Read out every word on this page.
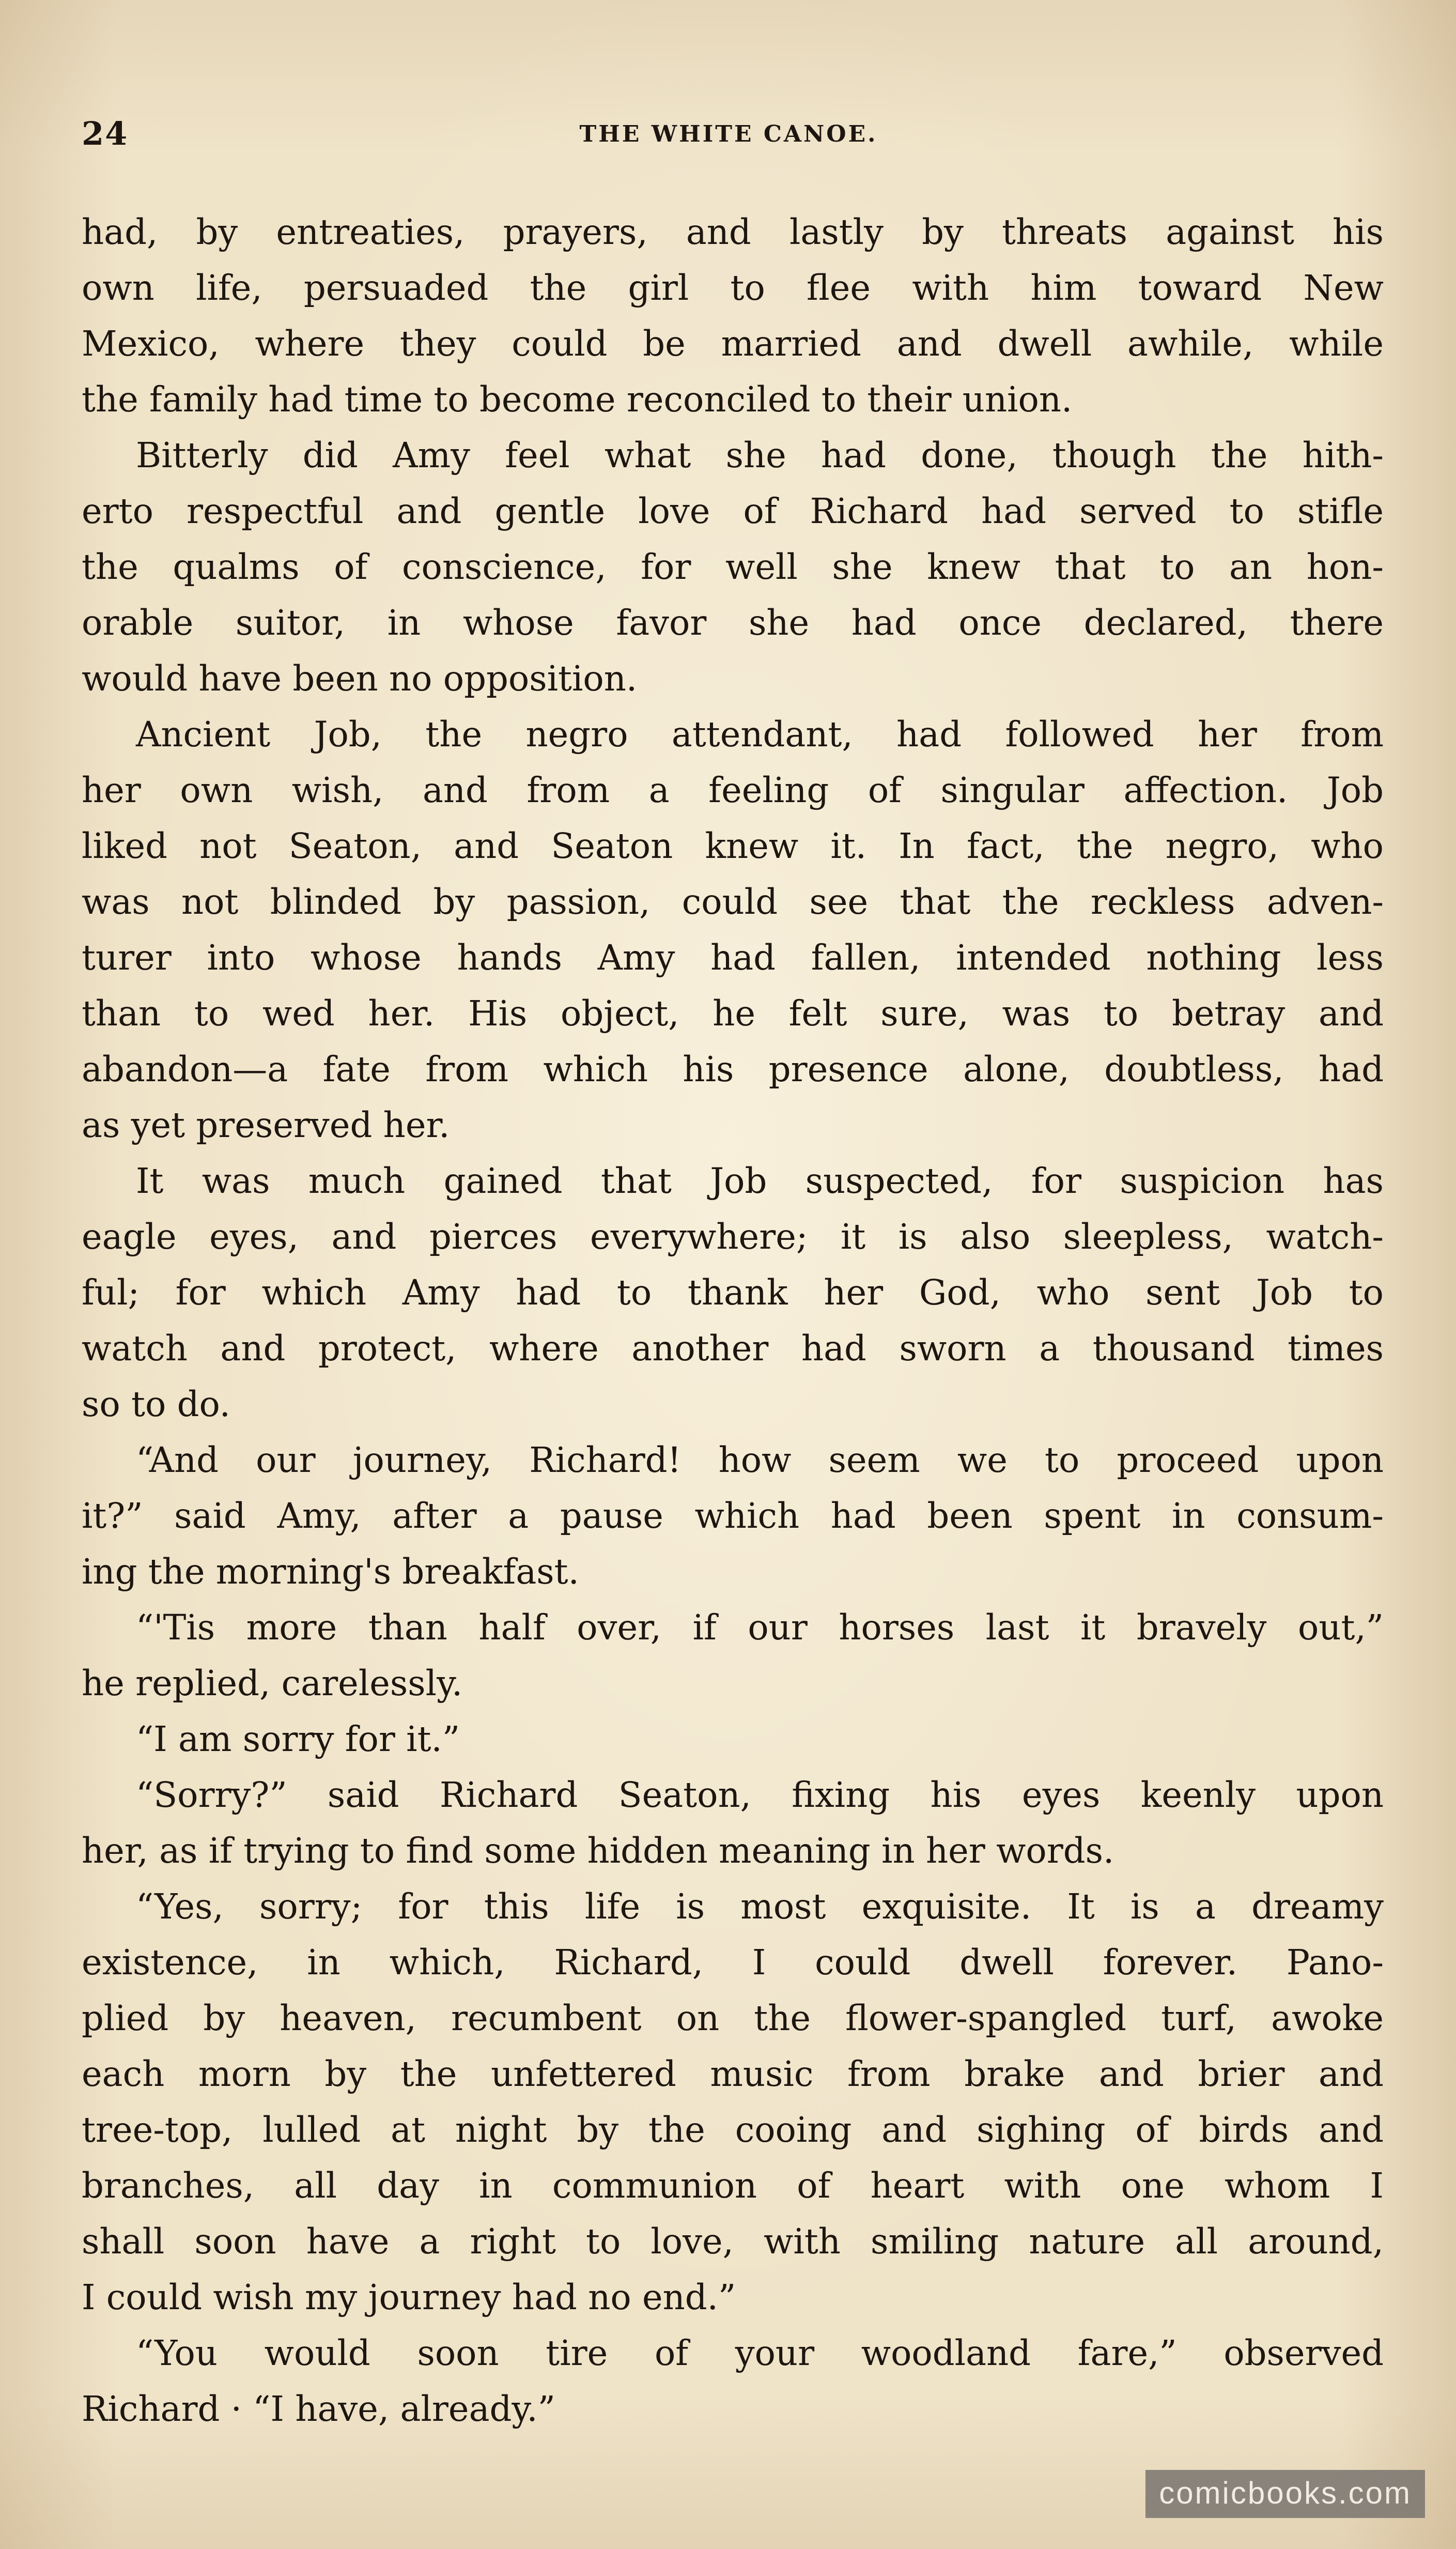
24	THE WHITE CANOE.
had, by entreaties, prayers, and lastly by threats against his
own life, persuaded the girl to flee with him toward New
Mexico, where they could be married and dwell awhile, while
the family had time to become reconciled to their union.
Bitterly did Amy feel what she had done, though the hith-
erto respectful and gentle love of Richard had served to stifle
the qualms of conscience, for well she knew that to an hon-
orable suitor, in whose favor she had once declared, there
would have been no opposition.
Ancient Job, the negro attendant, had followed her from
her own wish, and from a feeling of singular affection. Job
liked not Seaton, and Seaton knew it. In fact, the negro, who
was not blinded by passion, could see that the reckless adven-
turer into whose hands Amy had fallen, intended nothing less
than to wed her. His object, he felt sure, was to betray and
abandon—a fate from which his presence alone, doubtless, had
as yet preserved her.
It was much gained that Job suspected, for suspicion has
eagle eyes, and pierces everywhere; it is also sleepless, watch-
ful; for which Amy had to thank her God, who sent Job to
watch and protect, where another had sworn a thousand times
so to do.
“And our journey, Richard! how seem we to proceed upon
it?” said Amy, after a pause which had been spent in consum-
ing the morning's breakfast.
“'Tis more than half over, if our horses last it bravely out,”
he replied, carelessly.
“I am sorry for it.”
“Sorry?” said Richard Seaton, fixing his eyes keenly upon
her, as if trying to find some hidden meaning in her words.
“Yes, sorry; for this life is most exquisite. It is a dreamy
existence, in which, Richard, I could dwell forever. Pano-
plied by heaven, recumbent on the flower-spangled turf, awoke
each morn by the unfettered music from brake and brier and
tree-top, lulled at night by the cooing and sighing of birds and
branches, all day in communion of heart with one whom I
shall soon have a right to love, with smiling nature all around,
I could wish my journey had no end.”
“You would soon tire of your woodland fare,” observed
Richard · “I have, already.”
comicbooks.com
